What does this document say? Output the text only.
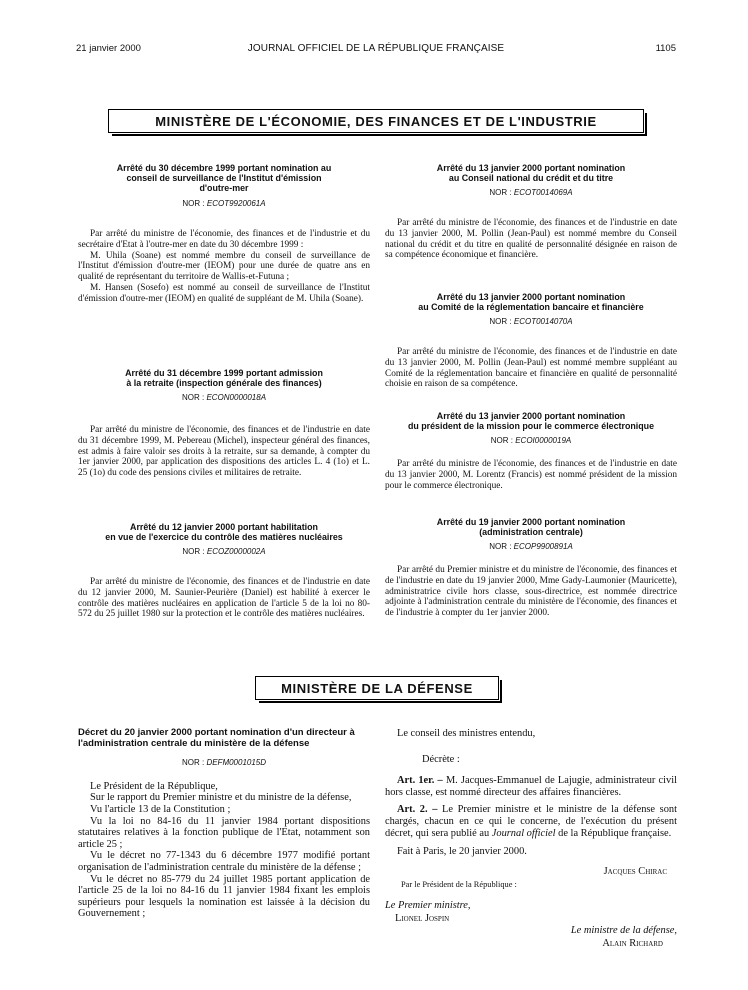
JOURNAL OFFICIEL DE LA RÉPUBLIQUE FRANÇAISE
21 janvier 2000	1105
MINISTÈRE DE L'ÉCONOMIE, DES FINANCES ET DE L'INDUSTRIE

Arrêté du 30 décembre 1999 portant nomination au
conseil de surveillance de l'Institut d'émission
d'outre-mer

NOR : ECOT9920061A

Par arrêté du ministre de l'économie, des finances et de l'industrie et du secrétaire d'Etat à l'outre-mer en date du 30 décembre 1999 :

M. Uhila (Soane) est nommé membre du conseil de surveillance de l'Institut d'émission d'outre-mer (IEOM) pour une durée de quatre ans en qualité de représentant du territoire de Wallis-et-Futuna ;

M. Hansen (Sosefo) est nommé au conseil de surveillance de l'Institut d'émission d'outre-mer (IEOM) en qualité de suppléant de M. Uhila (Soane).

Arrêté du 31 décembre 1999 portant admission
à la retraite (inspection générale des finances)

NOR : ECON0000018A

Par arrêté du ministre de l'économie, des finances et de l'industrie en date du 31 décembre 1999, M. Pebereau (Michel), inspecteur général des finances, est admis à faire valoir ses droits à la retraite, sur sa demande, à compter du 1er janvier 2000, par application des dispositions des articles L. 4 (1o) et L. 25 (1o) du code des pensions civiles et militaires de retraite.

Arrêté du 12 janvier 2000 portant habilitation
en vue de l'exercice du contrôle des matières nucléaires

NOR : ECOZ0000002A

Par arrêté du ministre de l'économie, des finances et de l'industrie en date du 12 janvier 2000, M. Saunier-Peurière (Daniel) est habilité à exercer le contrôle des matières nucléaires en application de l'article 5 de la loi no 80-572 du 25 juillet 1980 sur la protection et le contrôle des matières nucléaires.

Arrêté du 13 janvier 2000 portant nomination
au Conseil national du crédit et du titre

NOR : ECOT0014069A

Par arrêté du ministre de l'économie, des finances et de l'industrie en date du 13 janvier 2000, M. Pollin (Jean-Paul) est nommé membre du Conseil national du crédit et du titre en qualité de personnalité désignée en raison de sa compétence économique et financière.

Arrêté du 13 janvier 2000 portant nomination
au Comité de la réglementation bancaire et financière

NOR : ECOT0014070A

Par arrêté du ministre de l'économie, des finances et de l'industrie en date du 13 janvier 2000, M. Pollin (Jean-Paul) est nommé membre suppléant au Comité de la réglementation bancaire et financière en qualité de personnalité choisie en raison de sa compétence.

Arrêté du 13 janvier 2000 portant nomination
du président de la mission pour le commerce électronique

NOR : ECOI0000019A

Par arrêté du ministre de l'économie, des finances et de l'industrie en date du 13 janvier 2000, M. Lorentz (Francis) est nommé président de la mission pour le commerce électronique.

Arrêté du 19 janvier 2000 portant nomination
(administration centrale)

NOR : ECOP9900891A

Par arrêté du Premier ministre et du ministre de l'économie, des finances et de l'industrie en date du 19 janvier 2000, Mme Gady-Laumonier (Mauricette), administratrice civile hors classe, sous-directrice, est nommée directrice adjointe à l'administration centrale du ministère de l'économie, des finances et de l'industrie à compter du 1er janvier 2000.

MINISTÈRE DE LA DÉFENSE

Décret du 20 janvier 2000 portant nomination d'un directeur à l'administration centrale du ministère de la défense

NOR : DEFM0001015D

Le Président de la République,

Sur le rapport du Premier ministre et du ministre de la défense,

Vu l'article 13 de la Constitution ;

Vu la loi no 84-16 du 11 janvier 1984 portant dispositions statutaires relatives à la fonction publique de l'Etat, notamment son article 25 ;

Vu le décret no 77-1343 du 6 décembre 1977 modifié portant organisation de l'administration centrale du ministère de la défense ;

Vu le décret no 85-779 du 24 juillet 1985 portant application de l'article 25 de la loi no 84-16 du 11 janvier 1984 fixant les emplois supérieurs pour lesquels la nomination est laissée à la décision du Gouvernement ;

Le conseil des ministres entendu,

Décrète :

Art. 1er. – M. Jacques-Emmanuel de Lajugie, administrateur civil hors classe, est nommé directeur des affaires financières.

Art. 2. – Le Premier ministre et le ministre de la défense sont chargés, chacun en ce qui le concerne, de l'exécution du présent décret, qui sera publié au Journal officiel de la République française.

Fait à Paris, le 20 janvier 2000.

Jacques Chirac

Par le Président de la République :

Le Premier ministre,

Lionel Jospin

Le ministre de la défense,

Alain Richard
